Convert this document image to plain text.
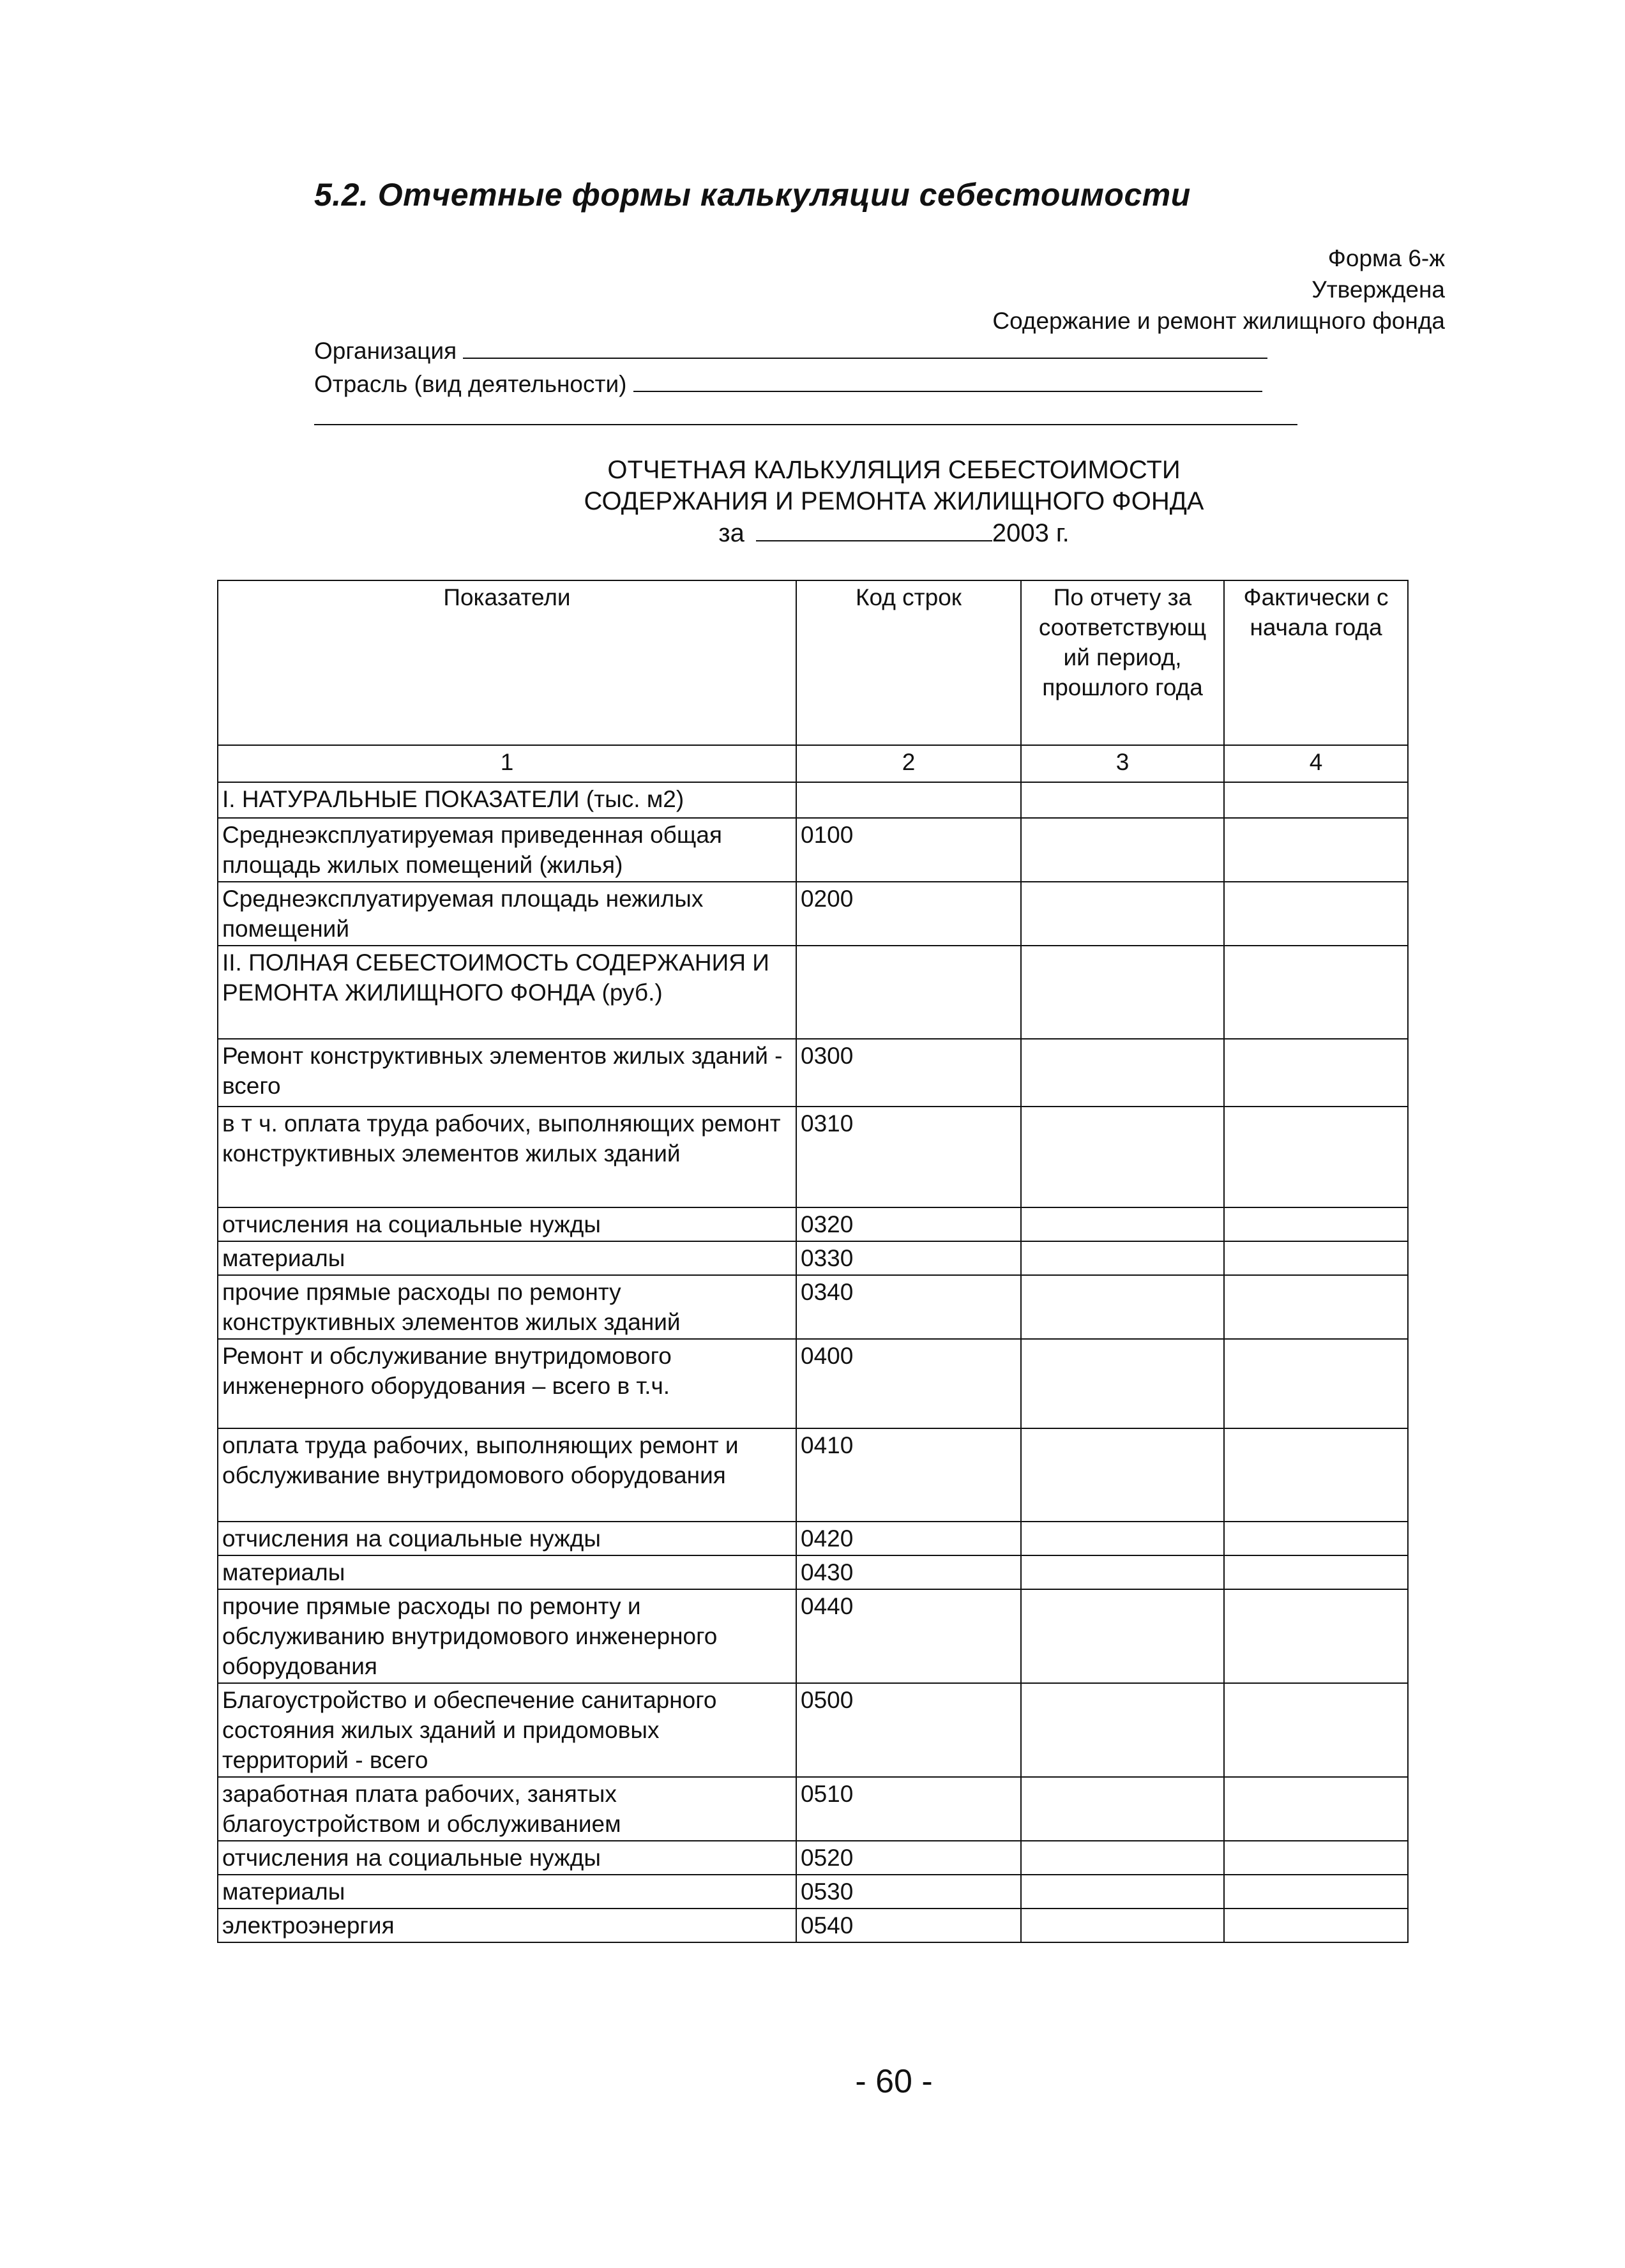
5.2. Отчетные формы калькуляции себестоимости
Форма 6-ж
Утверждена
Содержание и ремонт жилищного фонда
Организация
Отрасль (вид деятельности)
ОТЧЕТНАЯ КАЛЬКУЛЯЦИЯ СЕБЕСТОИМОСТИ
СОДЕРЖАНИЯ И РЕМОНТА ЖИЛИЩНОГО ФОНДА
за	2003 г.
Показатели	Код строк	По отчету за соответствующ ий период, прошлого года	Фактически с начала года
1	2	3	4
I. НАТУРАЛЬНЫЕ ПОКАЗАТЕЛИ (тыс. м2)			
Среднеэксплуатируемая приведенная общая площадь жилых помещений (жилья)	0100		
Среднеэксплуатируемая площадь нежилых помещений	0200		
II. ПОЛНАЯ СЕБЕСТОИМОСТЬ СОДЕРЖАНИЯ И РЕМОНТА ЖИЛИЩНОГО ФОНДА (руб.)			
Ремонт конструктивных элементов жилых зданий - всего	0300		
в т ч. оплата труда рабочих, выполняющих ремонт конструктивных элементов жилых зданий	0310		
отчисления на социальные нужды	0320		
материалы	0330		
прочие прямые расходы по ремонту конструктивных элементов жилых зданий	0340		
Ремонт и обслуживание внутридомового инженерного оборудования – всего в т.ч.	0400		
оплата труда рабочих, выполняющих ремонт и обслуживание внутридомового оборудования	0410		
отчисления на социальные нужды	0420		
материалы	0430		
прочие прямые расходы по ремонту и обслуживанию внутридомового инженерного оборудования	0440		
Благоустройство и обеспечение санитарного состояния жилых зданий и придомовых территорий - всего	0500		
заработная плата рабочих, занятых благоустройством и обслуживанием	0510		
отчисления на социальные нужды	0520		
материалы	0530		
электроэнергия	0540		
- 60 -
